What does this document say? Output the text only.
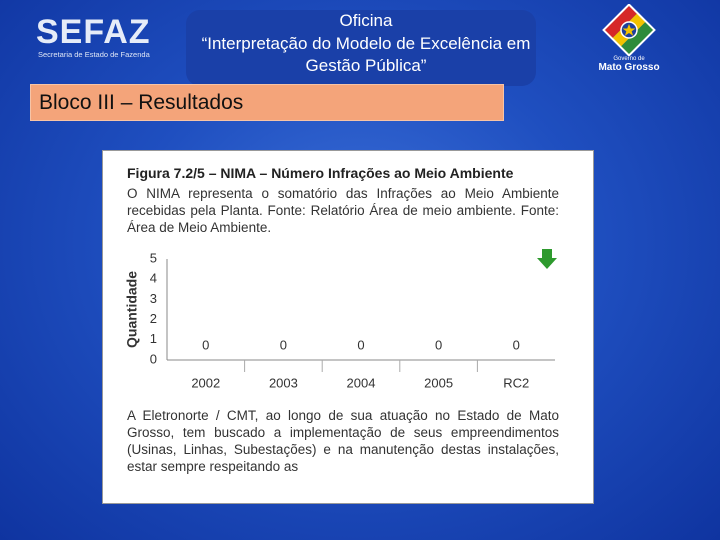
SEFAZ
Secretaria de Estado de Fazenda
Oficina
“Interpretação do Modelo de Excelência em
Gestão Pública”	Governo de
Mato Grosso
Bloco III – Resultados
Figura 7.2/5 – NIMA – Número Infrações ao Meio Ambiente
O NIMA representa o somatório das Infrações ao Meio Ambiente recebidas pela Planta. Fonte: Relatório Área de meio ambiente. Fonte: Área de Meio Ambiente.
Quantidade
0
1
2
3
4
5
0
2002
0
2003
0
2004
0
2005
0
RC2
A Eletronorte / CMT, ao longo de sua atuação no Estado de Mato Grosso, tem buscado a implementação de seus empreendimentos (Usinas, Linhas, Subestações) e na manutenção destas instalações, estar sempre respeitando as
